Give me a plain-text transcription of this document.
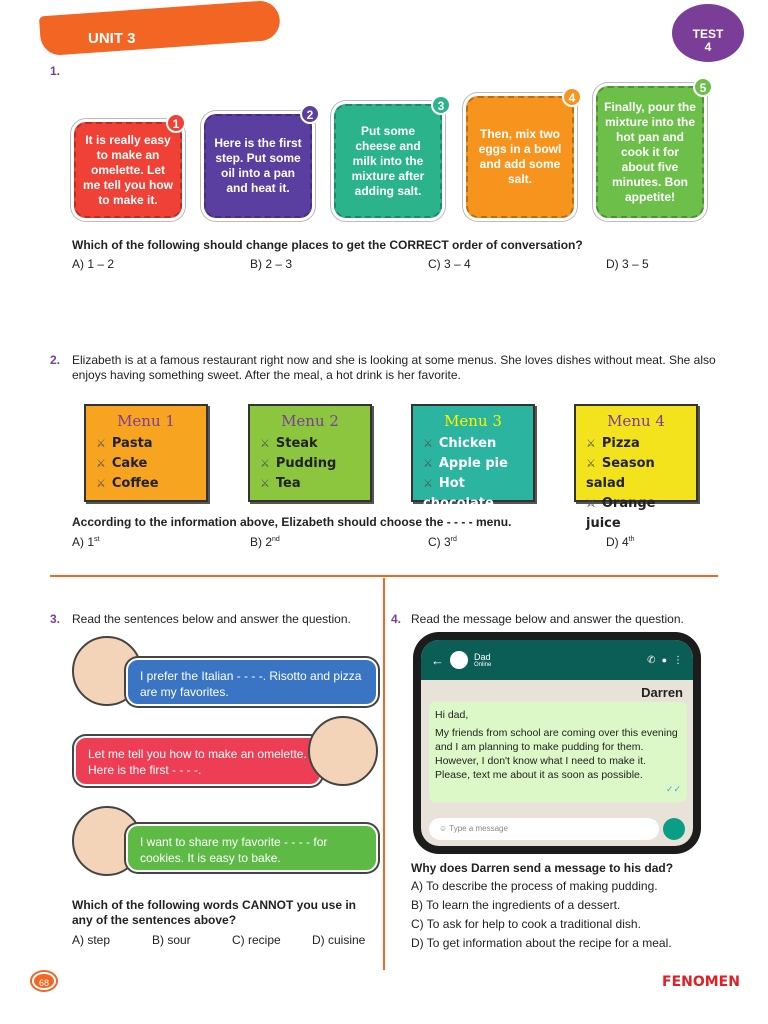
UNIT 3	TEST
4
1.
It is really easy to make an omelette. Let me tell you how to make it.
1
Here is the first step. Put some oil into a pan and heat it.
2
Put some cheese and milk into the mixture after adding salt.
3
Then, mix two eggs in a bowl and add some salt.
4
Finally, pour the mixture into the hot pan and cook it for about five minutes. Bon appetite!
5
Which of the following should change places to get the CORRECT order of conversation?
A) 1 – 2	B) 2 – 3	C) 3 – 4	D) 3 – 5
2. Elizabeth is at a famous restaurant right now and she is looking at some menus. She loves dishes without meat. She also enjoys having something sweet. After the meal, a hot drink is her favorite.
Menu 1
⚔ Pasta
⚔ Cake
⚔ Coffee
Menu 2
⚔ Steak
⚔ Pudding
⚔ Tea
Menu 3
⚔ Chicken
⚔ Apple pie
⚔ Hot chocolate
Menu 4
⚔ Pizza
⚔ Season salad
⚔ Orange juice
According to the information above, Elizabeth should choose the - - - - menu.
A) 1st	B) 2nd	C) 3rd	D) 4th
3. Read the sentences below and answer the question.
I prefer the Italian - - - -. Risotto and pizza are my favorites.
Let me tell you how to make an omelette. Here is the first - - - -.
I want to share my favorite - - - - for cookies. It is easy to bake.
Which of the following words CANNOT you use in any of the sentences above?
A) step	B) sour	C) recipe	D) cuisine
4. Read the message below and answer the question.
←	Dad
Online	✆ ● ⋮
Darren
Hi dad,
My friends from school are coming over this evening and I am planning to make pudding for them. However, I don't know what I need to make it. Please, text me about it as soon as possible.
✓✓
☺ Type a message
Why does Darren send a message to his dad?
A) To describe the process of making pudding.
B) To learn the ingredients of a dessert.
C) To ask for help to cook a traditional dish.
D) To get information about the recipe for a meal.
68	FENOMEN
